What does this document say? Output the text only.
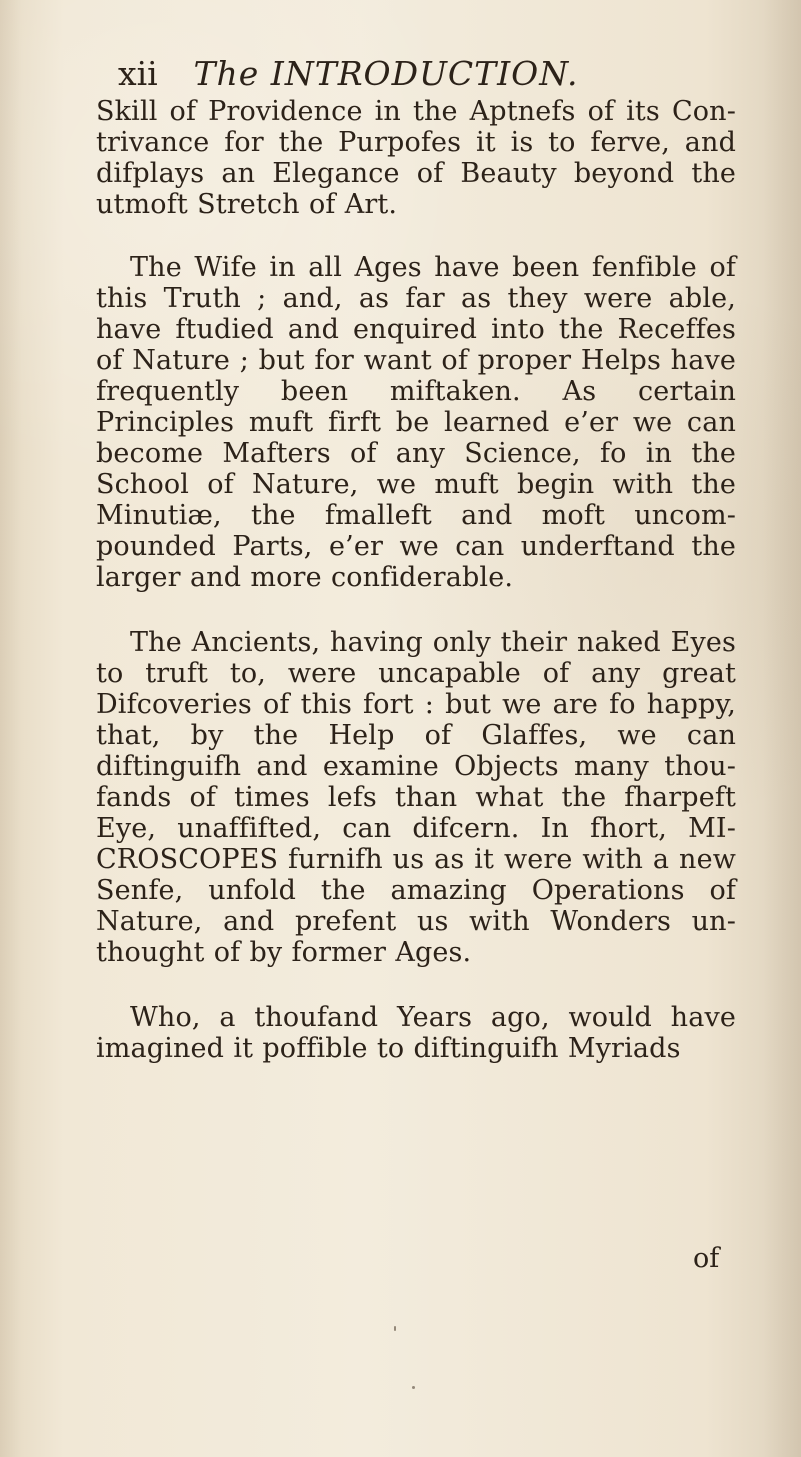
xii The INTRODUCTION.

Skill of Providence in the Aptnefs of its Con- trivance for the Purpofes it is to ferve, and difplays an Elegance of Beauty beyond the utmoft Stretch of Art.

The Wife in all Ages have been fenfible of this Truth ; and, as far as they were able, have ftudied and enquired into the Receffes of Nature ; but for want of proper Helps have frequently been miftaken. As certain Principles muft firft be learned e’er we can become Mafters of any Science, fo in the School of Nature, we muft begin with the Minutiæ, the fmalleft and moft uncom- pounded Parts, e’er we can underftand the larger and more confiderable.

The Ancients, having only their naked Eyes to truft to, were uncapable of any great Difcoveries of this fort : but we are fo happy, that, by the Help of Glaffes, we can diftinguifh and examine Objects many thou- fands of times lefs than what the fharpeft Eye, unaffifted, can difcern. In fhort, MI- CROSCOPES furnifh us as it were with a new Senfe, unfold the amazing Operations of Nature, and prefent us with Wonders un- thought of by former Ages.

Who, a thoufand Years ago, would have imagined it poffible to diftinguifh Myriads

of
